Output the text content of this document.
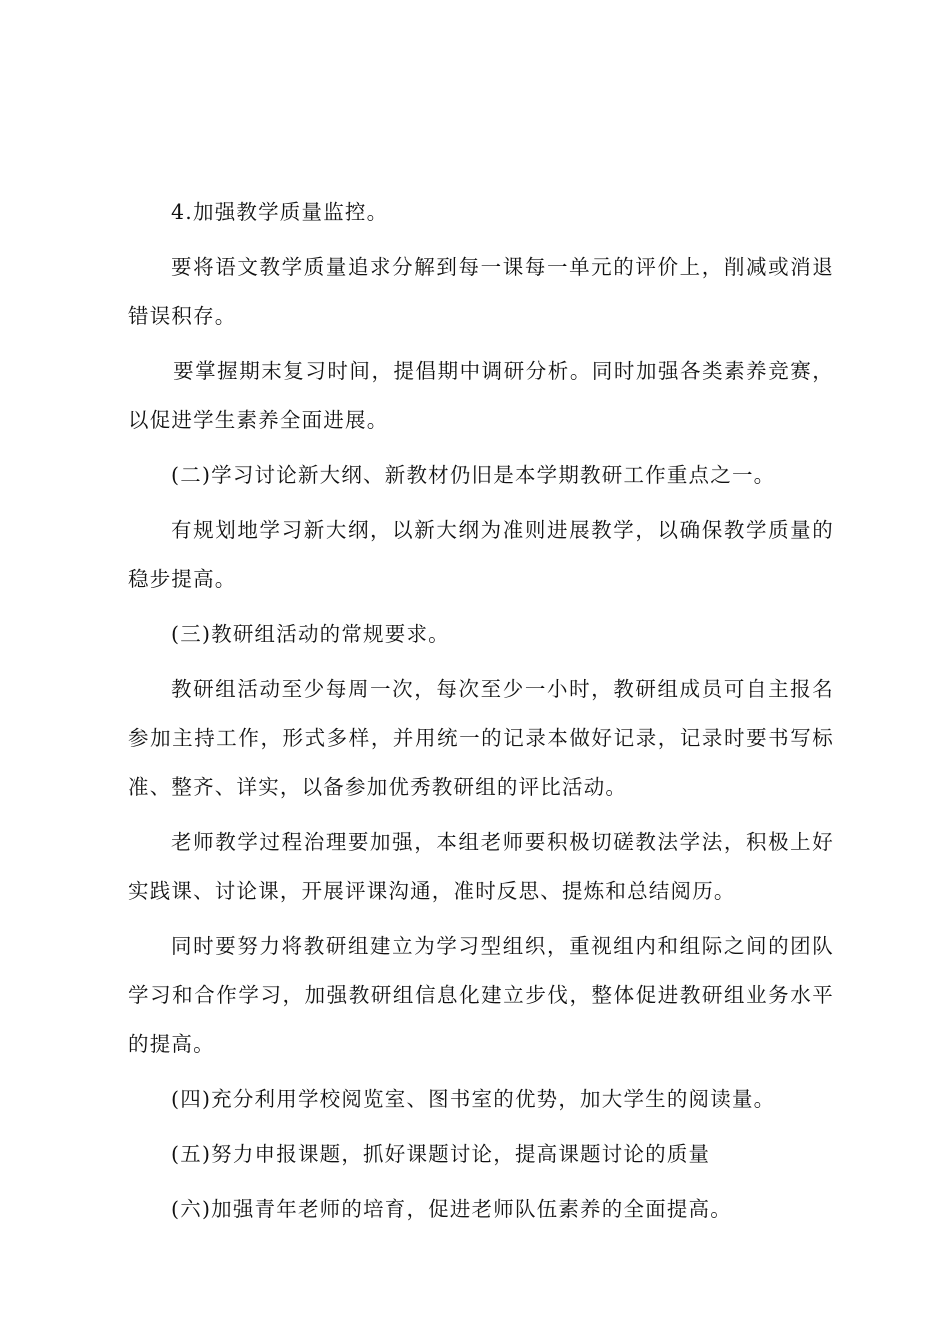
4.加强教学质量监控。

要将语文教学质量追求分解到每一课每一单元的评价上，削减或消退错误积存。

要掌握期末复习时间，提倡期中调研分析。同时加强各类素养竞赛，以促进学生素养全面进展。

(二)学习讨论新大纲、新教材仍旧是本学期教研工作重点之一。

有规划地学习新大纲，以新大纲为准则进展教学，以确保教学质量的稳步提高。

(三)教研组活动的常规要求。

教研组活动至少每周一次，每次至少一小时，教研组成员可自主报名参加主持工作，形式多样，并用统一的记录本做好记录，记录时要书写标准、整齐、详实，以备参加优秀教研组的评比活动。

老师教学过程治理要加强，本组老师要积极切磋教法学法，积极上好实践课、讨论课，开展评课沟通，准时反思、提炼和总结阅历。

同时要努力将教研组建立为学习型组织，重视组内和组际之间的团队学习和合作学习，加强教研组信息化建立步伐，整体促进教研组业务水平的提高。

(四)充分利用学校阅览室、图书室的优势，加大学生的阅读量。

(五)努力申报课题，抓好课题讨论，提高课题讨论的质量

(六)加强青年老师的培育，促进老师队伍素养的全面提高。
